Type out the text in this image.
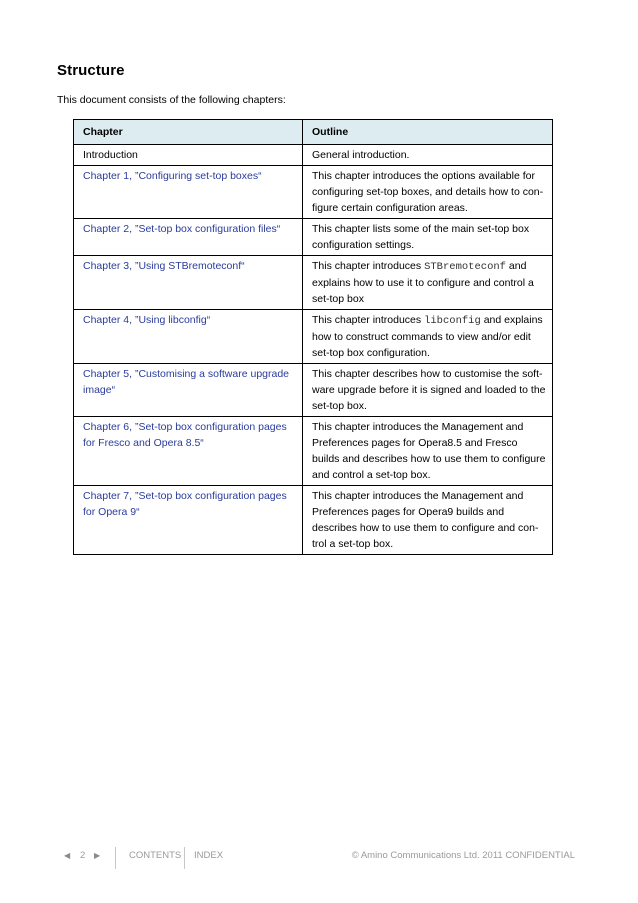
Structure

This document consists of the following chapters:

Chapter	Outline
Introduction	General introduction.
Chapter 1, ”Configuring set-top boxes“	This chapter introduces the options available for configuring set-top boxes, and details how to con-figure certain configuration areas.
Chapter 2, ”Set-top box configuration files“	This chapter lists some of the main set-top box configuration settings.
Chapter 3, ”Using STBremoteconf“	This chapter introduces STBremoteconf and explains how to use it to configure and control a set-top box
Chapter 4, ”Using libconfig“	This chapter introduces libconfig and explains how to construct commands to view and/or edit set-top box configuration.
Chapter 5, ”Customising a software upgrade image“	This chapter describes how to customise the soft-ware upgrade before it is signed and loaded to the set-top box.
Chapter 6, ”Set-top box configuration pages for Fresco and Opera 8.5“	This chapter introduces the Management and Preferences pages for Opera8.5 and Fresco builds and describes how to use them to configure and control a set-top box.
Chapter 7, ”Set-top box configuration pages for Opera 9“	This chapter introduces the Management and Preferences pages for Opera9 builds and describes how to use them to configure and con-trol a set-top box.
◀ 2 ▶	CONTENTS INDEX	© Amino Communications Ltd. 2011 CONFIDENTIAL
